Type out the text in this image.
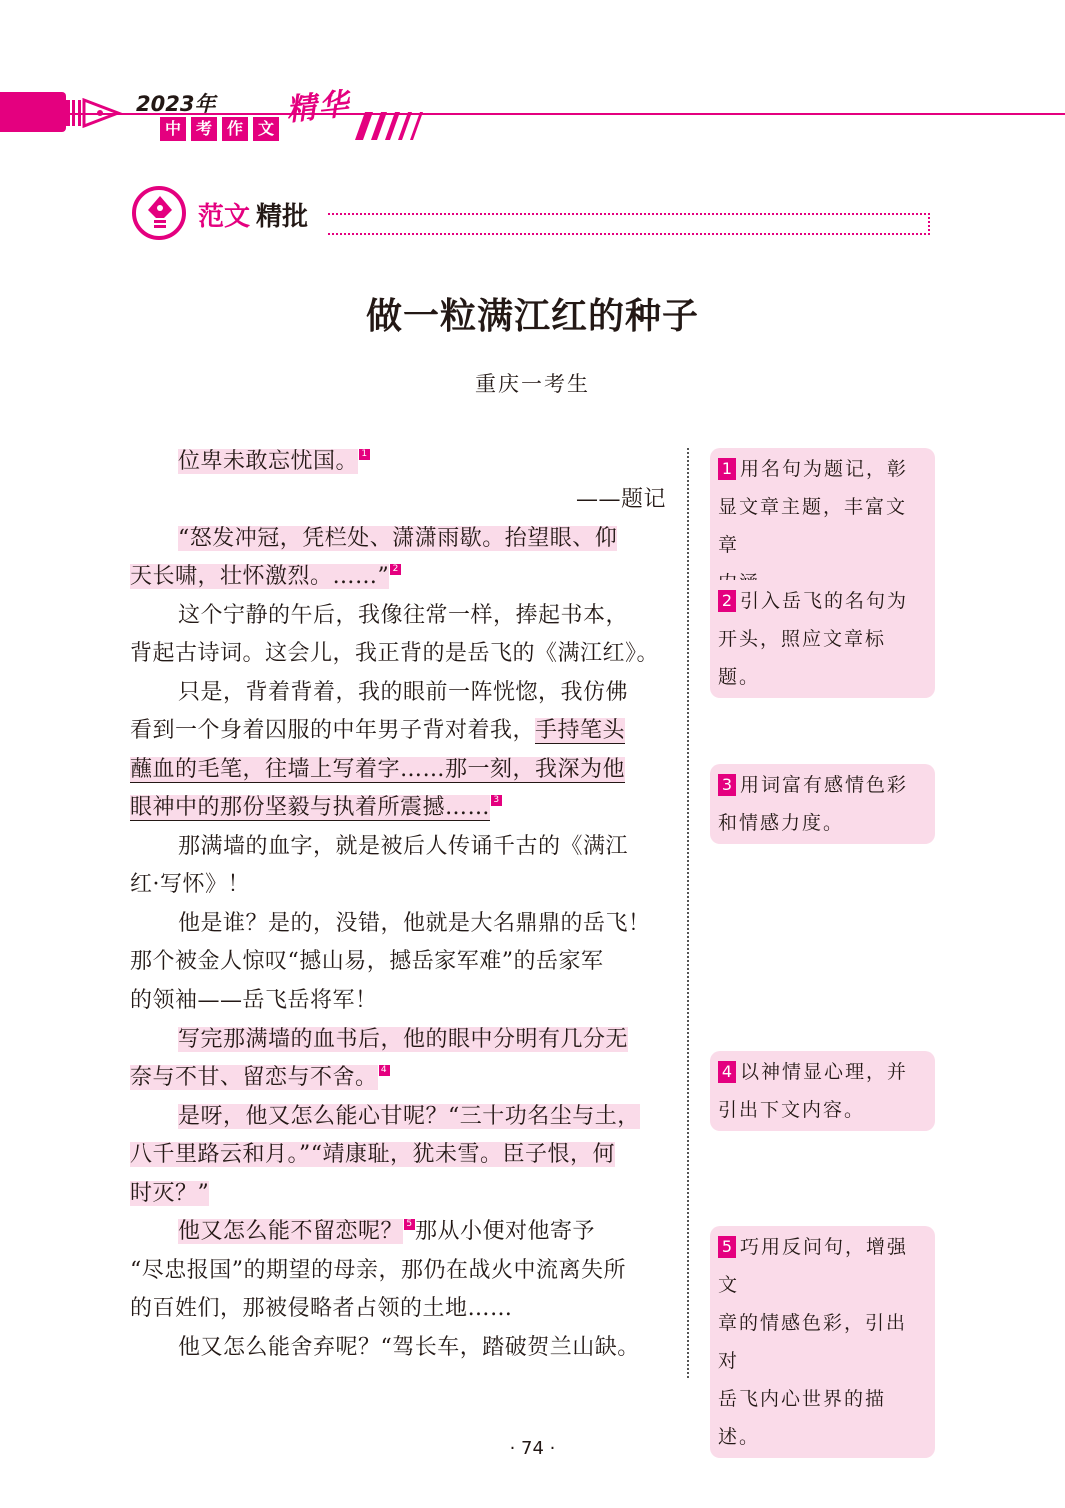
2023年
中 考 作 文
精华
范文 精批
做一粒满江红的种子
重庆一考生
位卑未敢忘忧国。 1
——题记
“怒发冲冠，凭栏处、潇潇雨歇。抬望眼、仰
天长啸，壮怀激烈。……” 2
这个宁静的午后，我像往常一样，捧起书本，
背起古诗词。这会儿，我正背的是岳飞的《满江红》。
只是，背着背着，我的眼前一阵恍惚，我仿佛
看到一个身着囚服的中年男子背对着我，手持笔头
蘸血的毛笔，往墙上写着字……那一刻，我深为他
眼神中的那份坚毅与执着所震撼…… 3
那满墙的血字，就是被后人传诵千古的《满江
红·写怀》！
他是谁？是的，没错，他就是大名鼎鼎的岳飞！
那个被金人惊叹“撼山易，撼岳家军难”的岳家军
的领袖——岳飞岳将军！
写完那满墙的血书后，他的眼中分明有几分无
奈与不甘、留恋与不舍。 4
是呀，他又怎么能心甘呢？“三十功名尘与土，
八千里路云和月。”“靖康耻，犹未雪。臣子恨，何
时灭？”
他又怎么能不留恋呢？ 5 那从小便对他寄予
“尽忠报国”的期望的母亲，那仍在战火中流离失所
的百姓们，那被侵略者占领的土地……
他又怎么能舍弃呢？“驾长车，踏破贺兰山缺。
1 用名句为题记，彰
显文章主题，丰富文章
2 引入岳飞的名句为
开头，照应文章标题。
3 用词富有感情色彩
和情感力度。
4 以神情显心理，并
引出下文内容。
5 巧用反问句，增强文
章的情感色彩，引出对
岳飞内心世界的描述。
· 74 ·
